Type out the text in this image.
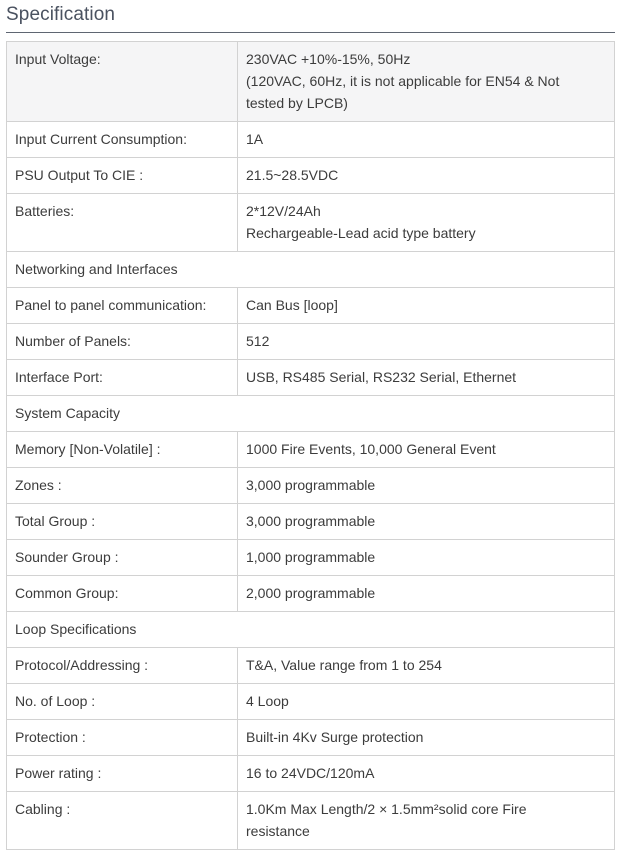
Specification
Input Voltage:	230VAC +10%-15%, 50Hz
(120VAC, 60Hz, it is not applicable for EN54 & Not
tested by LPCB)

Input Current Consumption:	1A

PSU Output To CIE :	21.5~28.5VDC

Batteries:	2*12V/24Ah
Rechargeable-Lead acid type battery

Networking and Interfaces	
Panel to panel communication:	Can Bus [loop]

Number of Panels:	512

Interface Port:	USB, RS485 Serial, RS232 Serial, Ethernet

System Capacity	
Memory [Non-Volatile] :	1000 Fire Events, 10,000 General Event

Zones :	3,000 programmable

Total Group :	3,000 programmable

Sounder Group :	1,000 programmable

Common Group:	2,000 programmable

Loop Specifications	
Protocol/Addressing :	T&A, Value range from 1 to 254

No. of Loop :	4 Loop

Protection :	Built-in 4Kv Surge protection

Power rating :	16 to 24VDC/120mA

Cabling :	1.0Km Max Length/2 × 1.5mm²solid core Fire
resistance
